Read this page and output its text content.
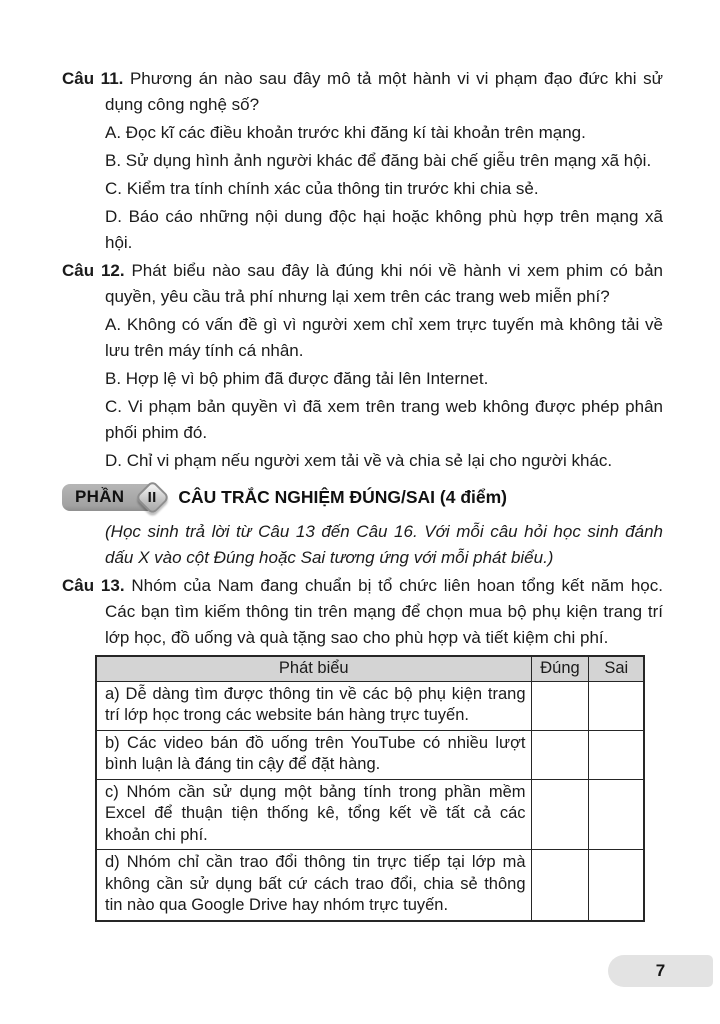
Câu 11. Phương án nào sau đây mô tả một hành vi vi phạm đạo đức khi sử dụng công nghệ số?

A. Đọc kĩ các điều khoản trước khi đăng kí tài khoản trên mạng.

B. Sử dụng hình ảnh người khác để đăng bài chế giễu trên mạng xã hội.

C. Kiểm tra tính chính xác của thông tin trước khi chia sẻ.

D. Báo cáo những nội dung độc hại hoặc không phù hợp trên mạng xã hội.

Câu 12. Phát biểu nào sau đây là đúng khi nói về hành vi xem phim có bản quyền, yêu cầu trả phí nhưng lại xem trên các trang web miễn phí?

A. Không có vấn đề gì vì người xem chỉ xem trực tuyến mà không tải về lưu trên máy tính cá nhân.

B. Hợp lệ vì bộ phim đã được đăng tải lên Internet.

C. Vi phạm bản quyền vì đã xem trên trang web không được phép phân phối phim đó.

D. Chỉ vi phạm nếu người xem tải về và chia sẻ lại cho người khác.

PHẦN II CÂU TRẮC NGHIỆM ĐÚNG/SAI (4 điểm)

(Học sinh trả lời từ Câu 13 đến Câu 16. Với mỗi câu hỏi học sinh đánh dấu X vào cột Đúng hoặc Sai tương ứng với mỗi phát biểu.)

Câu 13. Nhóm của Nam đang chuẩn bị tổ chức liên hoan tổng kết năm học. Các bạn tìm kiếm thông tin trên mạng để chọn mua bộ phụ kiện trang trí lớp học, đồ uống và quà tặng sao cho phù hợp và tiết kiệm chi phí.

Phát biểu	Đúng	Sai
a) Dễ dàng tìm được thông tin về các bộ phụ kiện trang trí lớp học trong các website bán hàng trực tuyến.		
b) Các video bán đồ uống trên YouTube có nhiều lượt bình luận là đáng tin cậy để đặt hàng.		
c) Nhóm cần sử dụng một bảng tính trong phần mềm Excel để thuận tiện thống kê, tổng kết về tất cả các khoản chi phí.		
d) Nhóm chỉ cần trao đổi thông tin trực tiếp tại lớp mà không cần sử dụng bất cứ cách trao đổi, chia sẻ thông tin nào qua Google Drive hay nhóm trực tuyến.		
7
